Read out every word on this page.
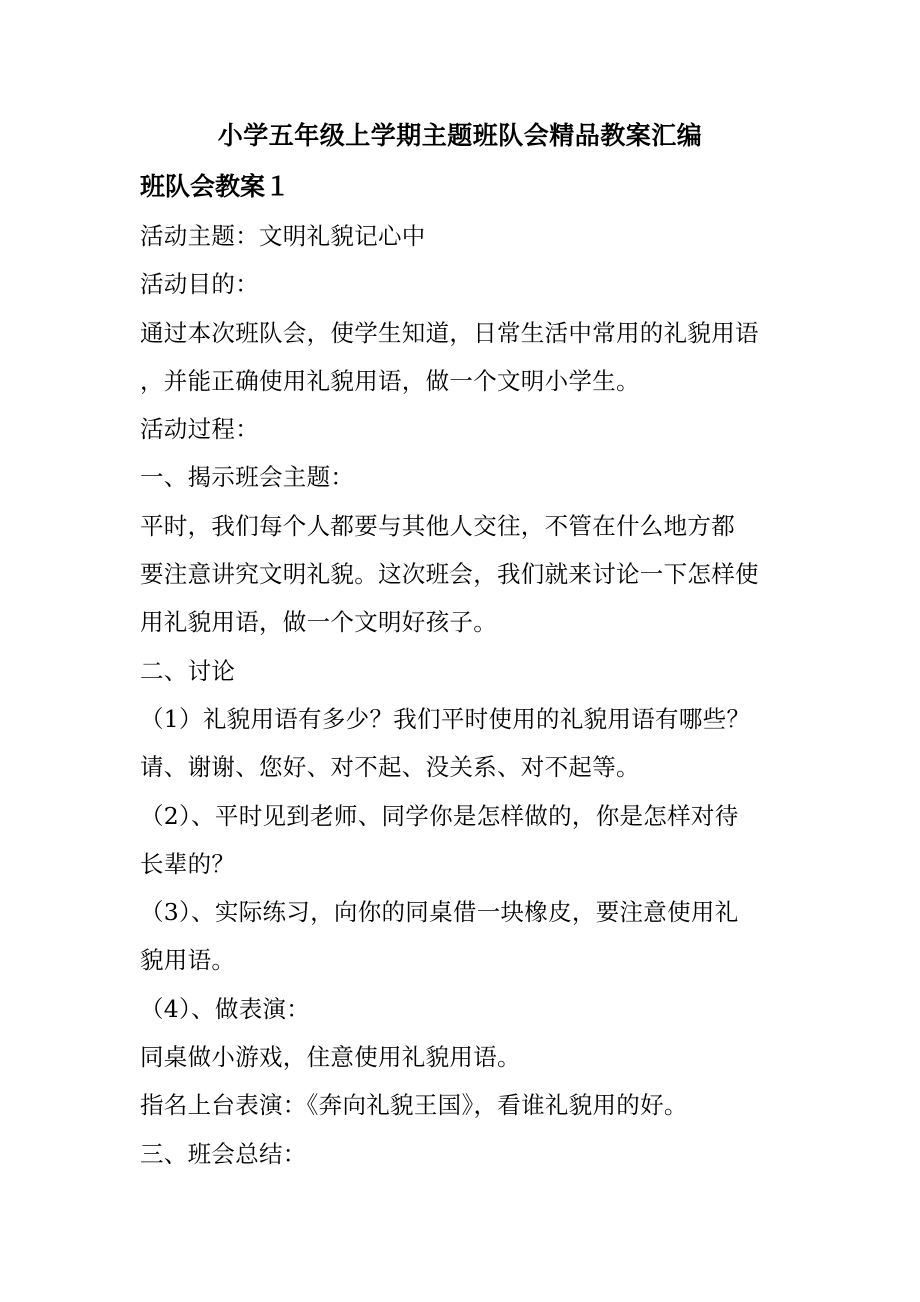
小学五年级上学期主题班队会精品教案汇编
班队会教案１
活动主题：文明礼貌记心中
活动目的：
通过本次班队会，使学生知道，日常生活中常用的礼貌用语
，并能正确使用礼貌用语，做一个文明小学生。
活动过程：
一、揭示班会主题：
平时，我们每个人都要与其他人交往，不管在什么地方都
要注意讲究文明礼貌。这次班会，我们就来讨论一下怎样使
用礼貌用语，做一个文明好孩子。
二、讨论
（1）礼貌用语有多少？我们平时使用的礼貌用语有哪些？
请、谢谢、您好、对不起、没关系、对不起等。
（2）、平时见到老师、同学你是怎样做的，你是怎样对待
长辈的？
（3）、实际练习，向你的同桌借一块橡皮，要注意使用礼
貌用语。
（4）、做表演：
同桌做小游戏，住意使用礼貌用语。
指名上台表演：《奔向礼貌王国》，看谁礼貌用的好。
三、班会总结：
